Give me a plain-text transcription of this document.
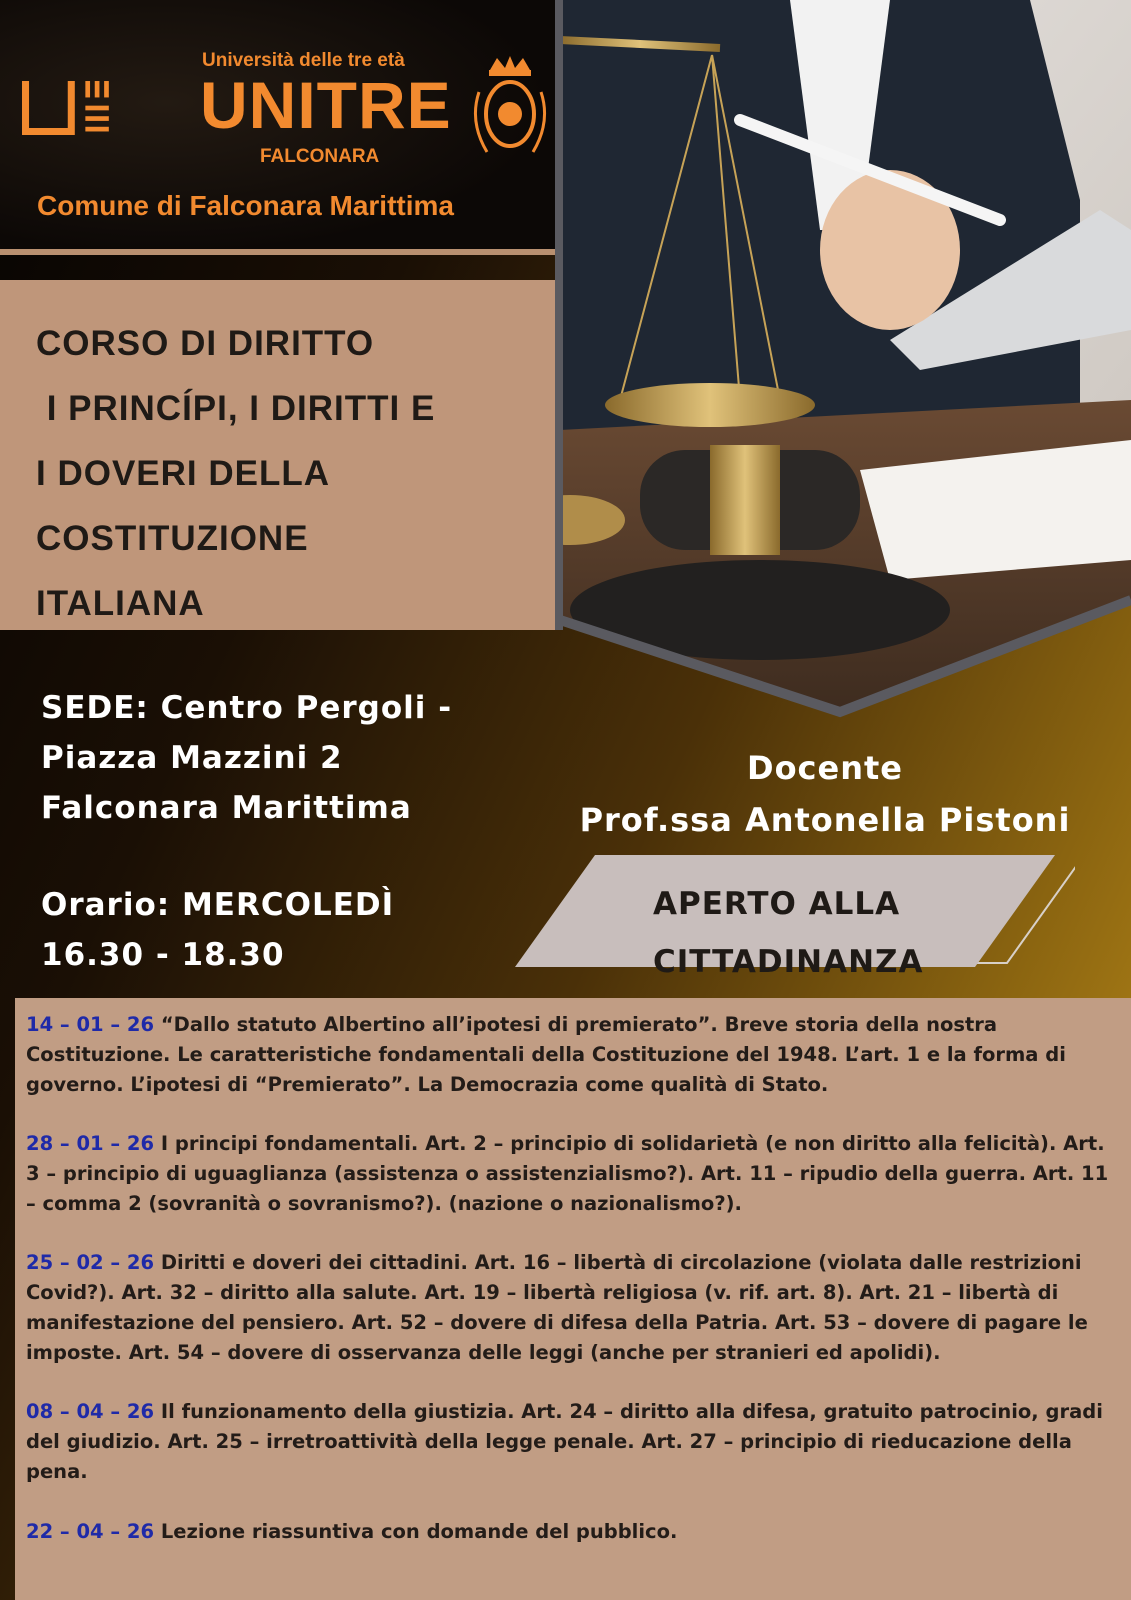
Università delle tre età
UNITRE
FALCONARA
Comune di Falconara Marittima
CORSO DI DIRITTO
I PRINCÍPI, I DIRITTI E
I DOVERI DELLA
COSTITUZIONE
ITALIANA
SEDE: Centro Pergoli -
Piazza Mazzini 2
Falconara Marittima
Orario: MERCOLEDÌ
16.30 - 18.30
Docente
Prof.ssa Antonella Pistoni
APERTO ALLA
CITTADINANZA
14 – 01 – 26 “Dallo statuto Albertino all’ipotesi di premierato”. Breve storia della nostra Costituzione. Le caratteristiche fondamentali della Costituzione del 1948. L’art. 1 e la forma di governo. L’ipotesi di “Premierato”. La Democrazia come qualità di Stato.
28 – 01 – 26 I principi fondamentali. Art. 2 – principio di solidarietà (e non diritto alla felicità). Art. 3 – principio di uguaglianza (assistenza o assistenzialismo?). Art. 11 – ripudio della guerra. Art. 11 – comma 2 (sovranità o sovranismo?). (nazione o nazionalismo?).
25 – 02 – 26 Diritti e doveri dei cittadini. Art. 16 – libertà di circolazione (violata dalle restrizioni Covid?). Art. 32 – diritto alla salute. Art. 19 – libertà religiosa (v. rif. art. 8). Art. 21 – libertà di manifestazione del pensiero. Art. 52 – dovere di difesa della Patria. Art. 53 – dovere di pagare le imposte. Art. 54 – dovere di osservanza delle leggi (anche per stranieri ed apolidi).
08 – 04 – 26 Il funzionamento della giustizia. Art. 24 – diritto alla difesa, gratuito patrocinio, gradi del giudizio. Art. 25 – irretroattività della legge penale. Art. 27 – principio di rieducazione della pena.
22 – 04 – 26 Lezione riassuntiva con domande del pubblico.
